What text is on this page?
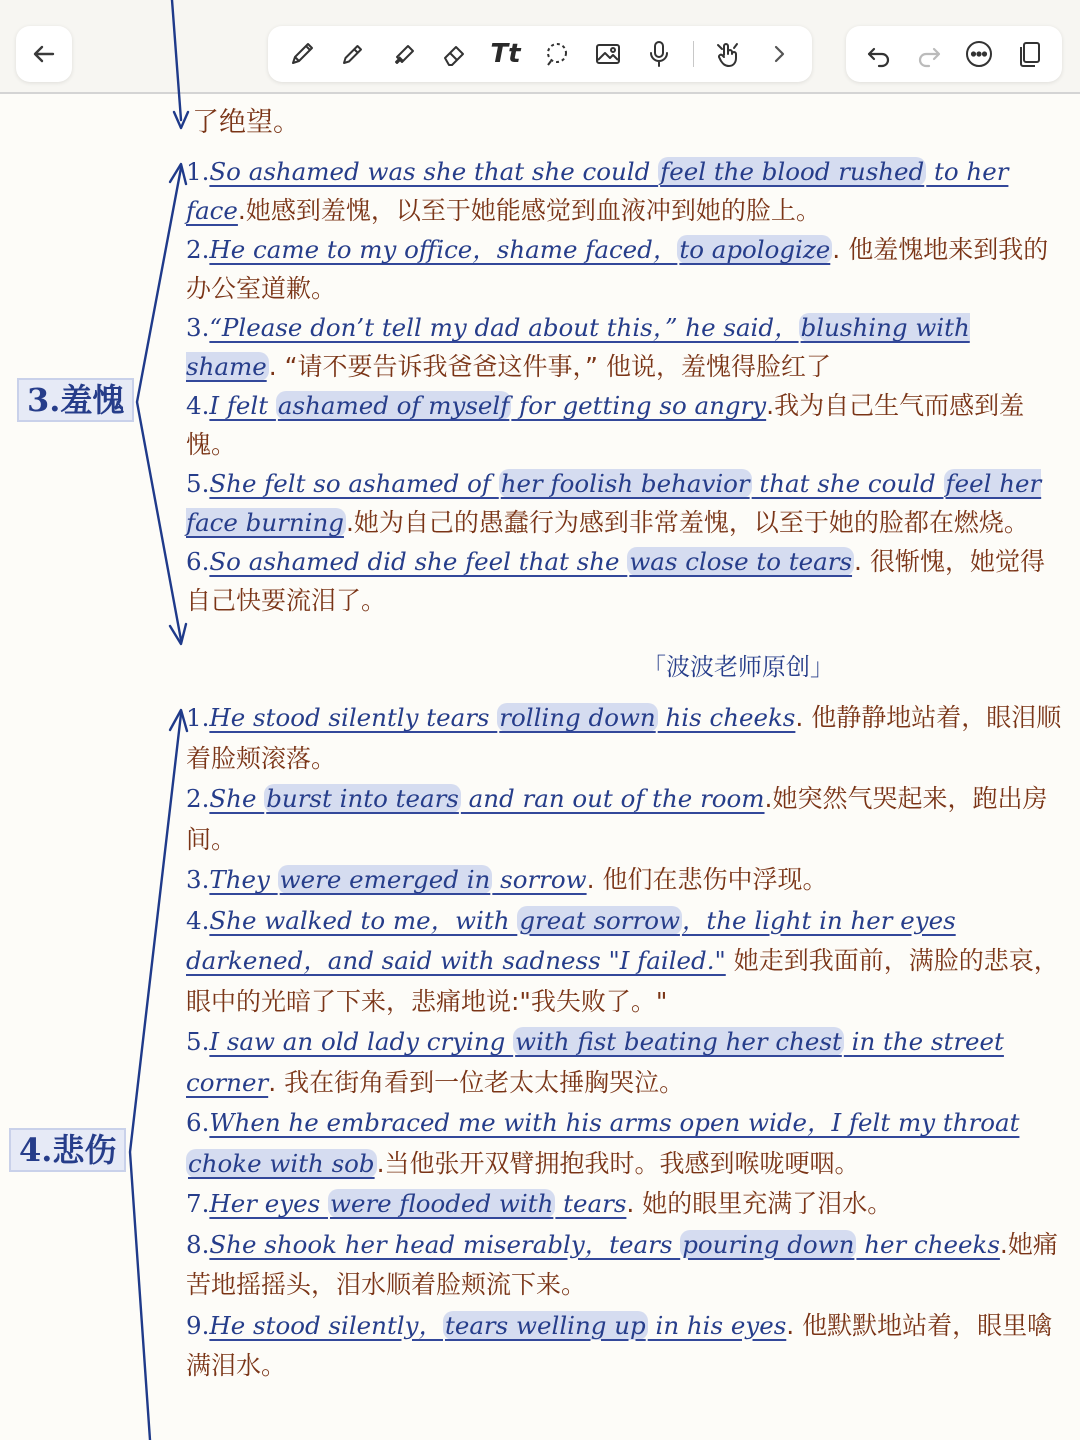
Tt
了绝望。
3.羞愧
4.悲伤
1.So ashamed was she that she could feel the blood rushed to her face.她感到羞愧，以至于她能感觉到血液冲到她的脸上。
2.He came to my office，shame faced，to apologize. 他羞愧地来到我的办公室道歉。
3.“Please don’t tell my dad about this，” he said，blushing with shame. “请不要告诉我爸爸这件事，” 他说，羞愧得脸红了
4.I felt ashamed of myself for getting so angry.我为自己生气而感到羞愧。
5.She felt so ashamed of her foolish behavior that she could feel her face burning.她为自己的愚蠢行为感到非常羞愧，以至于她的脸都在燃烧。
6.So ashamed did she feel that she was close to tears. 很惭愧，她觉得自己快要流泪了。
「波波老师原创」
1.He stood silently tears rolling down his cheeks. 他静静地站着，眼泪顺着脸颊滚落。
2.She burst into tears and ran out of the room.她突然气哭起来，跑出房间。
3.They were emerged in sorrow. 他们在悲伤中浮现。
4.She walked to me，with great sorrow，the light in her eyes darkened，and said with sadness "I failed." 她走到我面前，满脸的悲哀，眼中的光暗了下来，悲痛地说:"我失败了。"
5.I saw an old lady crying with fist beating her chest in the street corner. 我在街角看到一位老太太捶胸哭泣。
6.When he embraced me with his arms open wide，I felt my throat choke with sob.当他张开双臂拥抱我时。我感到喉咙哽咽。
7.Her eyes were flooded with tears. 她的眼里充满了泪水。
8.She shook her head miserably，tears pouring down her cheeks.她痛苦地摇摇头，泪水顺着脸颊流下来。
9.He stood silently，tears welling up in his eyes. 他默默地站着，眼里噙满泪水。
